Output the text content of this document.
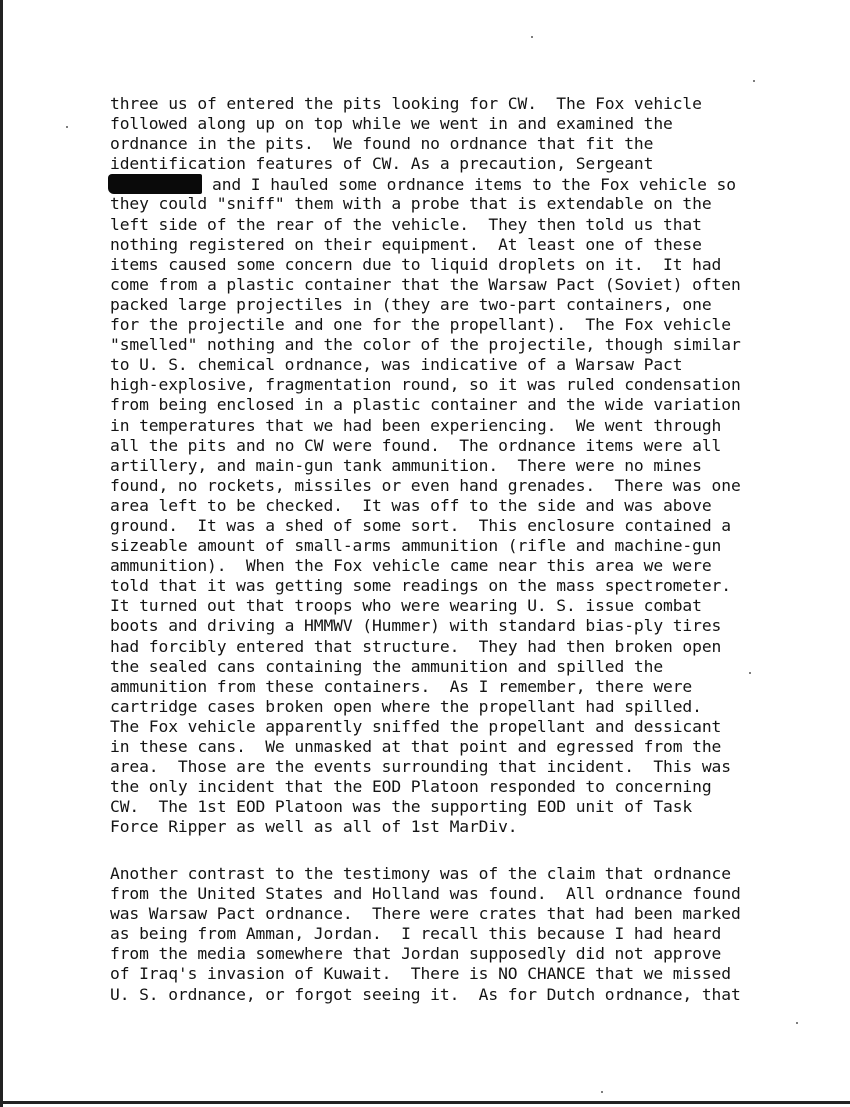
three us of entered the pits looking for CW.  The Fox vehicle
followed along up on top while we went in and examined the
ordnance in the pits.  We found no ordnance that fit the
identification features of CW. As a precaution, Sergeant
and I hauled some ordnance items to the Fox vehicle so
they could "sniff" them with a probe that is extendable on the
left side of the rear of the vehicle.  They then told us that
nothing registered on their equipment.  At least one of these
items caused some concern due to liquid droplets on it.  It had
come from a plastic container that the Warsaw Pact (Soviet) often
packed large projectiles in (they are two-part containers, one
for the projectile and one for the propellant).  The Fox vehicle
"smelled" nothing and the color of the projectile, though similar
to U. S. chemical ordnance, was indicative of a Warsaw Pact
high-explosive, fragmentation round, so it was ruled condensation
from being enclosed in a plastic container and the wide variation
in temperatures that we had been experiencing.  We went through
all the pits and no CW were found.  The ordnance items were all
artillery, and main-gun tank ammunition.  There were no mines
found, no rockets, missiles or even hand grenades.  There was one
area left to be checked.  It was off to the side and was above
ground.  It was a shed of some sort.  This enclosure contained a
sizeable amount of small-arms ammunition (rifle and machine-gun
ammunition).  When the Fox vehicle came near this area we were
told that it was getting some readings on the mass spectrometer.
It turned out that troops who were wearing U. S. issue combat
boots and driving a HMMWV (Hummer) with standard bias-ply tires
had forcibly entered that structure.  They had then broken open
the sealed cans containing the ammunition and spilled the
ammunition from these containers.  As I remember, there were
cartridge cases broken open where the propellant had spilled.
The Fox vehicle apparently sniffed the propellant and dessicant
in these cans.  We unmasked at that point and egressed from the
area.  Those are the events surrounding that incident.  This was
the only incident that the EOD Platoon responded to concerning
CW.  The 1st EOD Platoon was the supporting EOD unit of Task
Force Ripper as well as all of 1st MarDiv.
Another contrast to the testimony was of the claim that ordnance
from the United States and Holland was found.  All ordnance found
was Warsaw Pact ordnance.  There were crates that had been marked
as being from Amman, Jordan.  I recall this because I had heard
from the media somewhere that Jordan supposedly did not approve
of Iraq's invasion of Kuwait.  There is NO CHANCE that we missed
U. S. ordnance, or forgot seeing it.  As for Dutch ordnance, that
